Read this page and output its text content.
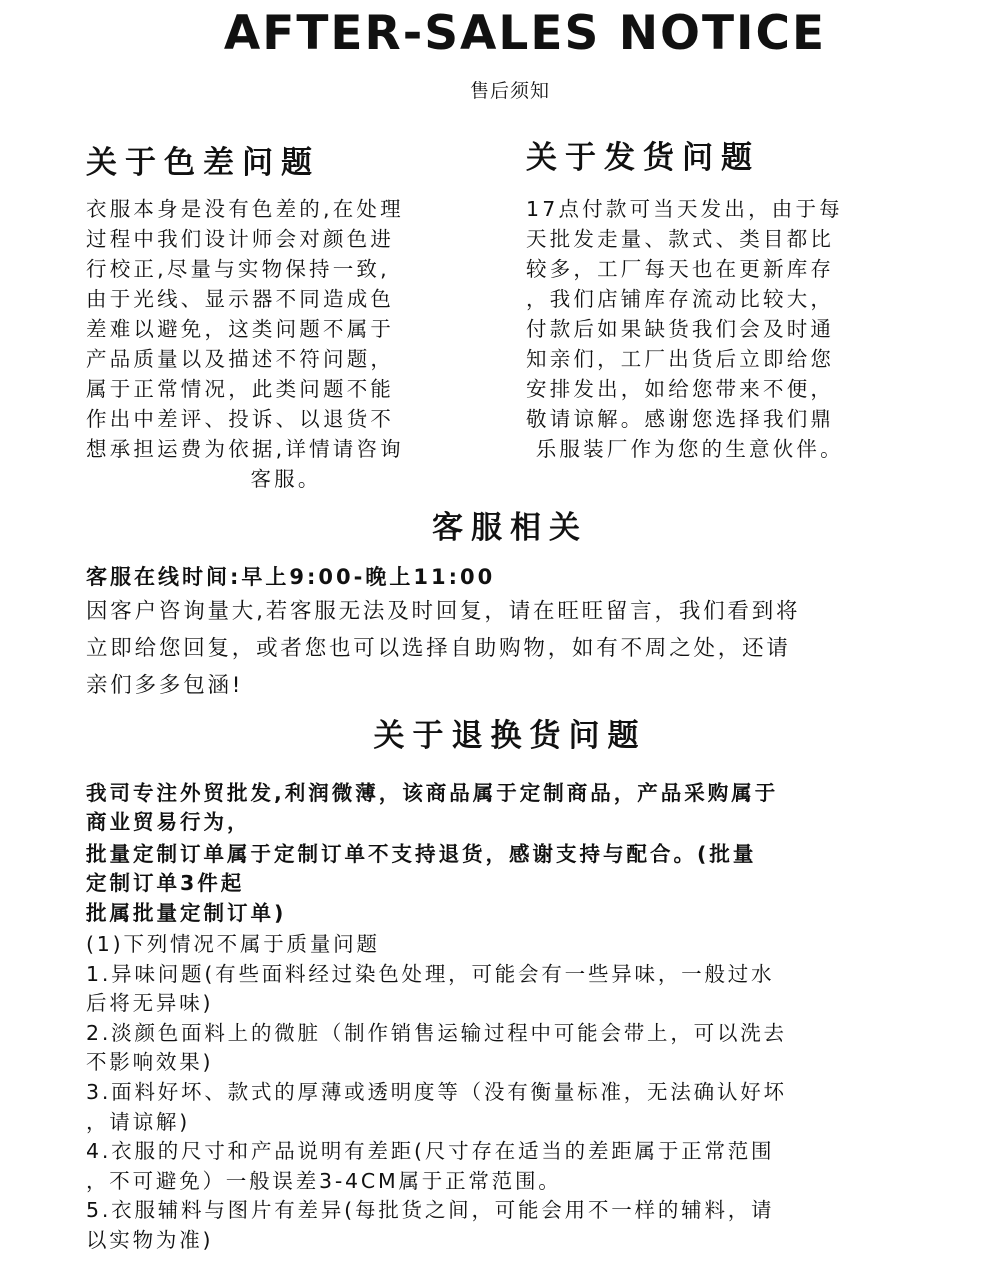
AFTER-SALES NOTICE
售后须知
关于色差问题

衣服本身是没有色差的,在处理

过程中我们设计师会对颜色进

行校正,尽量与实物保持一致,

由于光线、显示器不同造成色

差难以避免，这类问题不属于

产品质量以及描述不符问题，

属于正常情况，此类问题不能

作出中差评、投诉、以退货不

想承担运费为依据,详情请咨询

客服。

关于发货问题

17点付款可当天发出，由于每

天批发走量、款式、类目都比

较多，工厂每天也在更新库存

，我们店铺库存流动比较大，

付款后如果缺货我们会及时通

知亲们，工厂出货后立即给您

安排发出，如给您带来不便，

敬请谅解。感谢您选择我们鼎

乐服装厂作为您的生意伙伴。

客服相关
客服在线时间:早上9:00-晚上11:00

因客户咨询量大,若客服无法及时回复，请在旺旺留言，我们看到将

立即给您回复，或者您也可以选择自助购物，如有不周之处，还请

亲们多多包涵!

关于退换货问题

我司专注外贸批发,利润微薄，该商品属于定制商品，产品采购属于

商业贸易行为，

批量定制订单属于定制订单不支持退货，感谢支持与配合。(批量

定制订单3件起

批属批量定制订单)

(1)下列情况不属于质量问题
1.异味问题(有些面料经过染色处理，可能会有一些异味，一般过水
后将无异味)
2.淡颜色面料上的微脏（制作销售运输过程中可能会带上，可以洗去
不影响效果)
3.面料好坏、款式的厚薄或透明度等（没有衡量标准，无法确认好坏
，请谅解)
4.衣服的尺寸和产品说明有差距(尺寸存在适当的差距属于正常范围
，不可避免）一般误差3-4CM属于正常范围。
5.衣服辅料与图片有差异(每批货之间，可能会用不一样的辅料，请
以实物为准)
